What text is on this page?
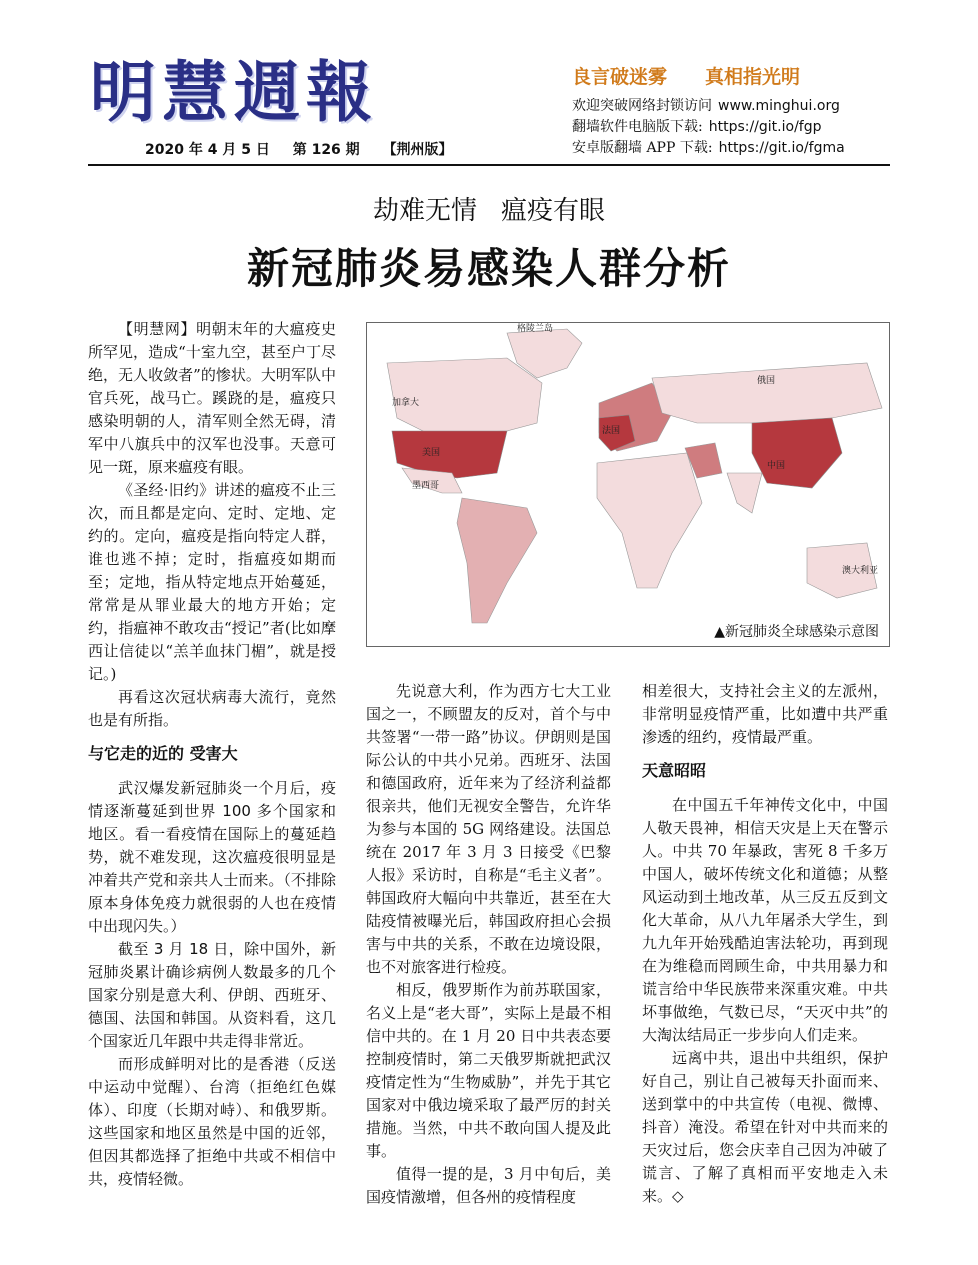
明慧週報
2020 年 4 月 5 日 第 126 期 【荆州版】
良言破迷雾 真相指光明
欢迎突破网络封锁访问 www.minghui.org
翻墙软件电脑版下载: https://git.io/fgp
安卓版翻墙 APP 下载: https://git.io/fgma
劫难无情 瘟疫有眼
新冠肺炎易感染人群分析

【明慧网】明朝末年的大瘟疫史所罕见，造成“十室九空，甚至户丁尽绝，无人收敛者”的惨状。大明军队中官兵死，战马亡。蹊跷的是，瘟疫只感染明朝的人，清军则全然无碍，清军中八旗兵中的汉军也没事。天意可见一斑，原来瘟疫有眼。

《圣经·旧约》讲述的瘟疫不止三次，而且都是定向、定时、定地、定约的。定向，瘟疫是指向特定人群，谁也逃不掉；定时，指瘟疫如期而至；定地，指从特定地点开始蔓延，常常是从罪业最大的地方开始；定约，指瘟神不敢攻击“授记”者(比如摩西让信徒以“羔羊血抹门楣”，就是授记。)

再看这次冠状病毒大流行，竟然也是有所指。

与它走的近的 受害大

武汉爆发新冠肺炎一个月后，疫情逐渐蔓延到世界 100 多个国家和地区。看一看疫情在国际上的蔓延趋势，就不难发现，这次瘟疫很明显是冲着共产党和亲共人士而来。（不排除原本身体免疫力就很弱的人也在疫情中出现闪失。）

截至 3 月 18 日，除中国外，新冠肺炎累计确诊病例人数最多的几个国家分别是意大利、伊朗、西班牙、德国、法国和韩国。从资料看，这几个国家近几年跟中共走得非常近。

而形成鲜明对比的是香港（反送中运动中觉醒）、台湾（拒绝红色媒体）、印度（长期对峙）、和俄罗斯。这些国家和地区虽然是中国的近邻，但因其都选择了拒绝中共或不相信中共，疫情轻微。

格陵兰岛
加拿大
美国
墨西哥
法国
中国
俄国
澳大利亚
▲新冠肺炎全球感染示意图

先说意大利，作为西方七大工业国之一，不顾盟友的反对，首个与中共签署“一带一路”协议。伊朗则是国际公认的中共小兄弟。西班牙、法国和德国政府，近年来为了经济利益都很亲共，他们无视安全警告，允许华为参与本国的 5G 网络建设。法国总统在 2017 年 3 月 3 日接受《巴黎人报》采访时，自称是“毛主义者”。韩国政府大幅向中共靠近，甚至在大陆疫情被曝光后，韩国政府担心会损害与中共的关系，不敢在边境设限，也不对旅客进行检疫。

相反，俄罗斯作为前苏联国家，名义上是“老大哥”，实际上是最不相信中共的。在 1 月 20 日中共表态要控制疫情时，第二天俄罗斯就把武汉疫情定性为“生物威胁”，并先于其它国家对中俄边境采取了最严厉的封关措施。当然，中共不敢向国人提及此事。

值得一提的是，3 月中旬后，美国疫情激增，但各州的疫情程度

相差很大，支持社会主义的左派州，非常明显疫情严重，比如遭中共严重渗透的纽约，疫情最严重。

天意昭昭

在中国五千年神传文化中，中国人敬天畏神，相信天灾是上天在警示人。中共 70 年暴政，害死 8 千多万中国人，破坏传统文化和道德；从整风运动到土地改革，从三反五反到文化大革命，从八九年屠杀大学生，到九九年开始残酷迫害法轮功，再到现在为维稳而罔顾生命，中共用暴力和谎言给中华民族带来深重灾难。中共坏事做绝，气数已尽，“天灭中共”的大淘汰结局正一步步向人们走来。

远离中共，退出中共组织，保护好自己，别让自己被每天扑面而来、送到掌中的中共宣传（电视、微博、抖音）淹没。希望在针对中共而来的天灾过后，您会庆幸自己因为冲破了谎言、了解了真相而平安地走入未来。◇
